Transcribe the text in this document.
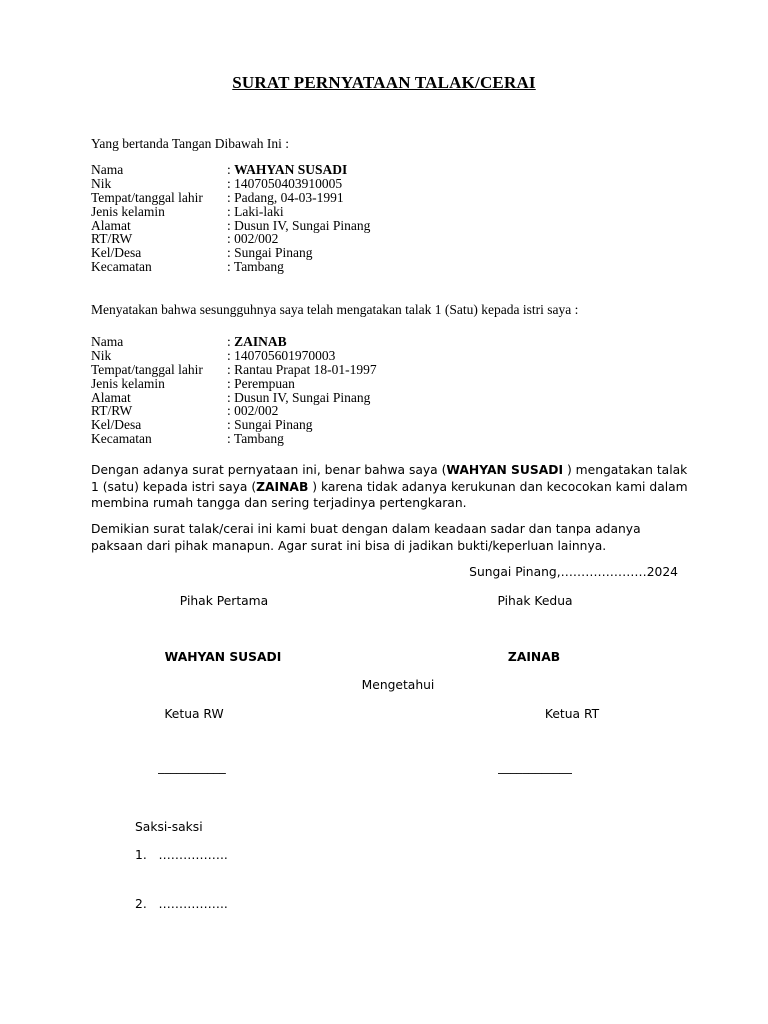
SURAT PERNYATAAN TALAK/CERAI
Yang bertanda Tangan Dibawah Ini :
Nama	: WAHYAN SUSADI
Nik	: 1407050403910005
Tempat/tanggal lahir	: Padang, 04-03-1991
Jenis kelamin	: Laki-laki
Alamat	: Dusun IV, Sungai Pinang
RT/RW	: 002/002
Kel/Desa	: Sungai Pinang
Kecamatan	: Tambang
Menyatakan bahwa sesungguhnya saya telah mengatakan talak 1 (Satu) kepada istri saya :
Nama	: ZAINAB
Nik	: 140705601970003
Tempat/tanggal lahir	: Rantau Prapat 18-01-1997
Jenis kelamin	: Perempuan
Alamat	: Dusun IV, Sungai Pinang
RT/RW	: 002/002
Kel/Desa	: Sungai Pinang
Kecamatan	: Tambang
Dengan adanya surat pernyataan ini, benar bahwa saya (WAHYAN SUSADI ) mengatakan talak 1 (satu) kepada istri saya (ZAINAB ) karena tidak adanya kerukunan dan kecocokan kami dalam membina rumah tangga dan sering terjadinya pertengkaran.
Demikian surat talak/cerai ini kami buat dengan dalam keadaan sadar dan tanpa adanya paksaan dari pihak manapun. Agar surat ini bisa di jadikan bukti/keperluan lainnya.
Sungai Pinang,…………………2024
Pihak Pertama	Pihak Kedua
WAHYAN SUSADI	ZAINAB
Mengetahui
Ketua RW	Ketua RT
___________	____________
Saksi-saksi
1. ……………..
2. ……………..
